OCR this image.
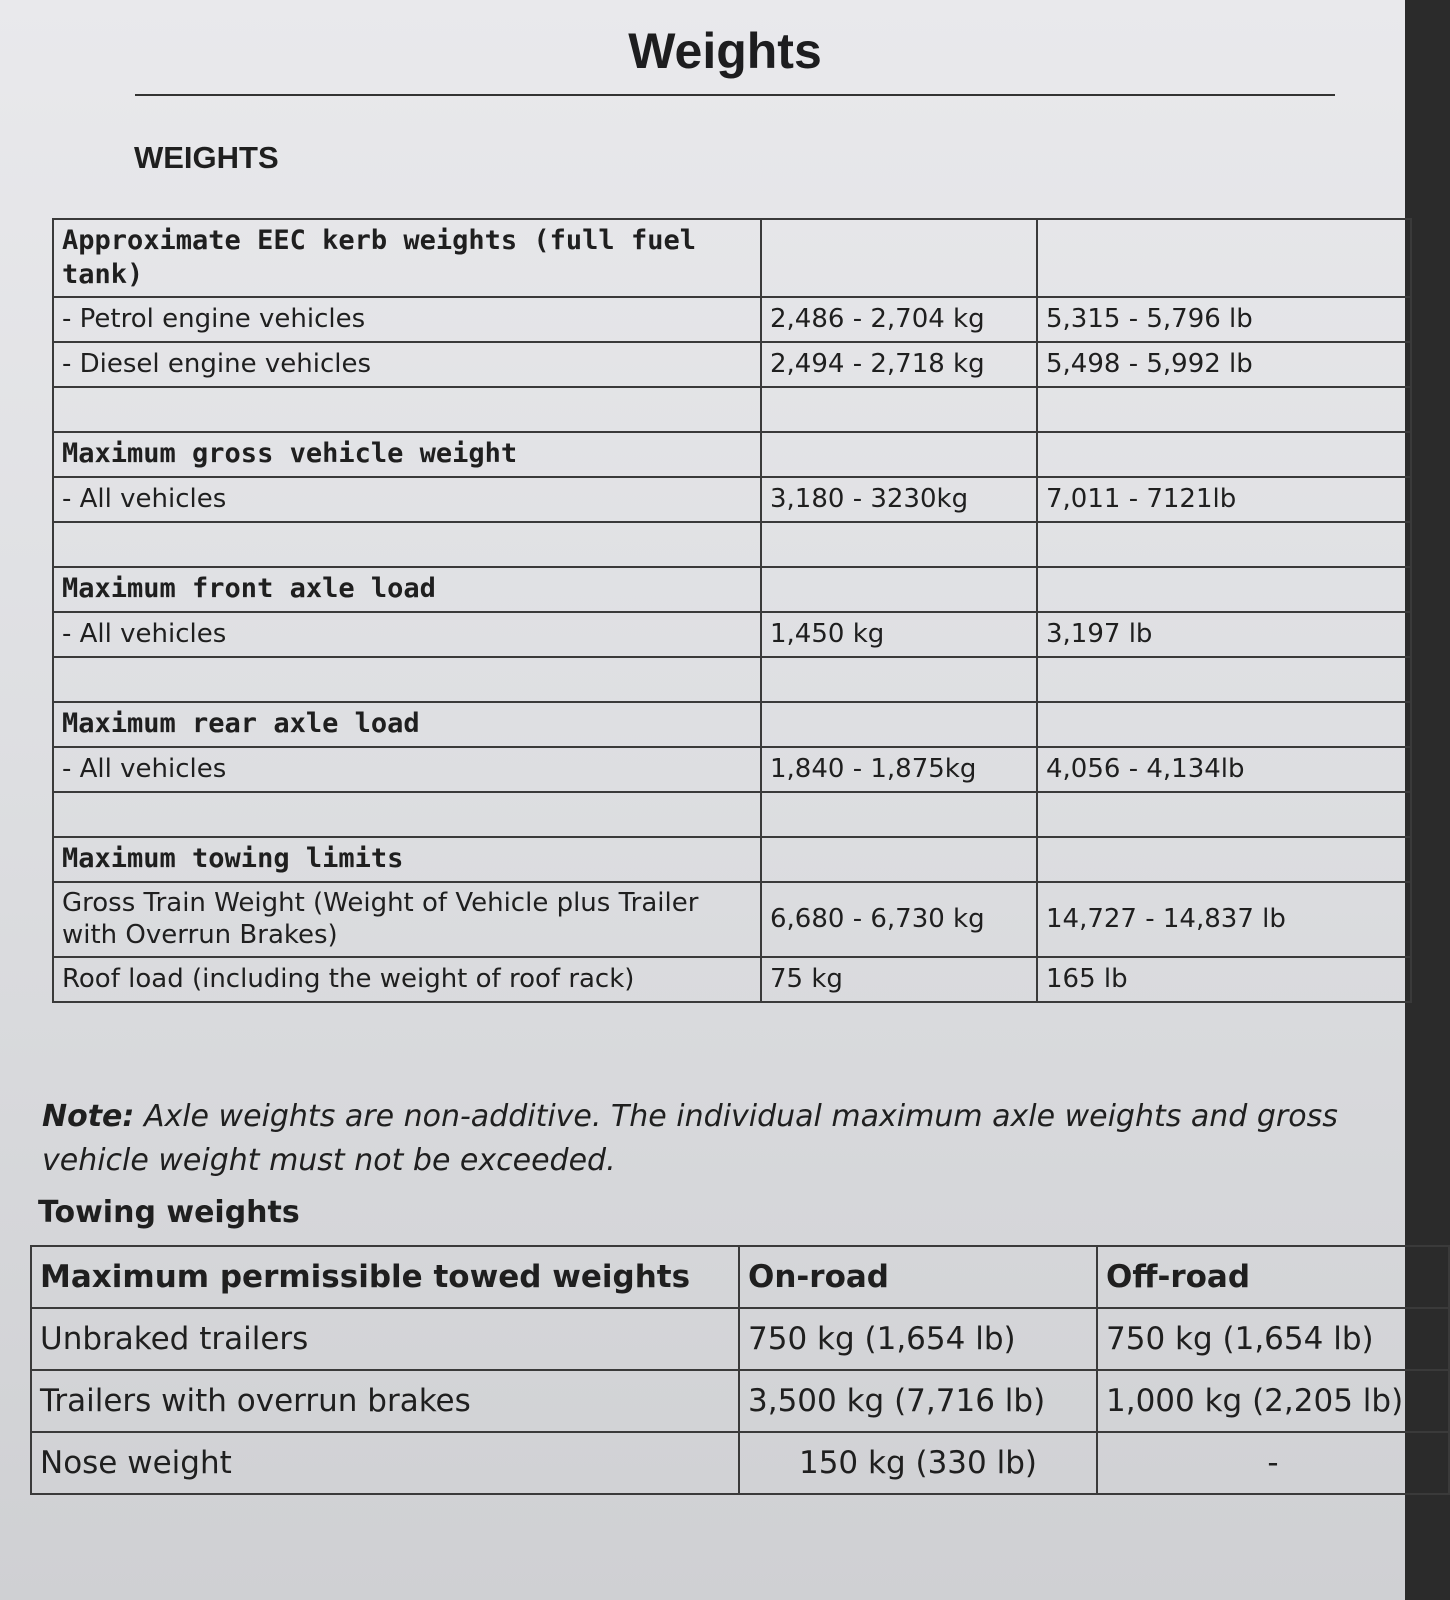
Weights
WEIGHTS
Approximate EEC kerb weights (full fuel tank)		
- Petrol engine vehicles	2,486 - 2,704 kg	5,315 - 5,796 lb
- Diesel engine vehicles	2,494 - 2,718 kg	5,498 - 5,992 lb

Maximum gross vehicle weight		
- All vehicles	3,180 - 3230kg	7,011 - 7121lb

Maximum front axle load		
- All vehicles	1,450 kg	3,197 lb

Maximum rear axle load		
- All vehicles	1,840 - 1,875kg	4,056 - 4,134lb

Maximum towing limits		
Gross Train Weight (Weight of Vehicle plus Trailer with Overrun Brakes)	6,680 - 6,730 kg	14,727 - 14,837 lb
Roof load (including the weight of roof rack)	75 kg	165 lb
Note: Axle weights are non-additive. The individual maximum axle weights and gross vehicle weight must not be exceeded.
Towing weights
Maximum permissible towed weights	On-road	Off-road
Unbraked trailers	750 kg (1,654 lb)	750 kg (1,654 lb)
Trailers with overrun brakes	3,500 kg (7,716 lb)	1,000 kg (2,205 lb)
Nose weight	150 kg (330 lb)	-
